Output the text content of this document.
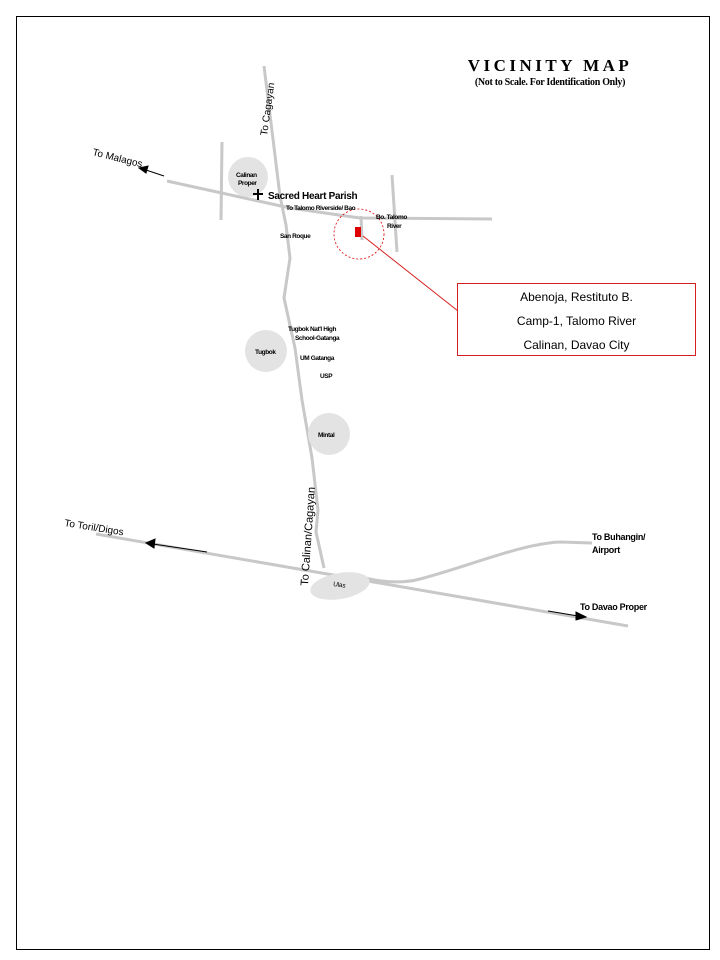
To Cagayan
To Malagos
To Talomo Riverside/ Bao
To Calinan/Cagayan
To Toril/Digos	To Buhangin/
Airport
To Davao Proper
Calinan
Proper
Sacred Heart Parish
Bo. Talomo
River
San Roque
Tugbok Nat'l High
School-Gatanga
Tugbok
UM Gatanga
USP
Mintal
Ulas
VICINITY MAP
(Not to Scale. For Identification Only)
Abenoja, Restituto B.
Camp-1, Talomo River
Calinan, Davao City
